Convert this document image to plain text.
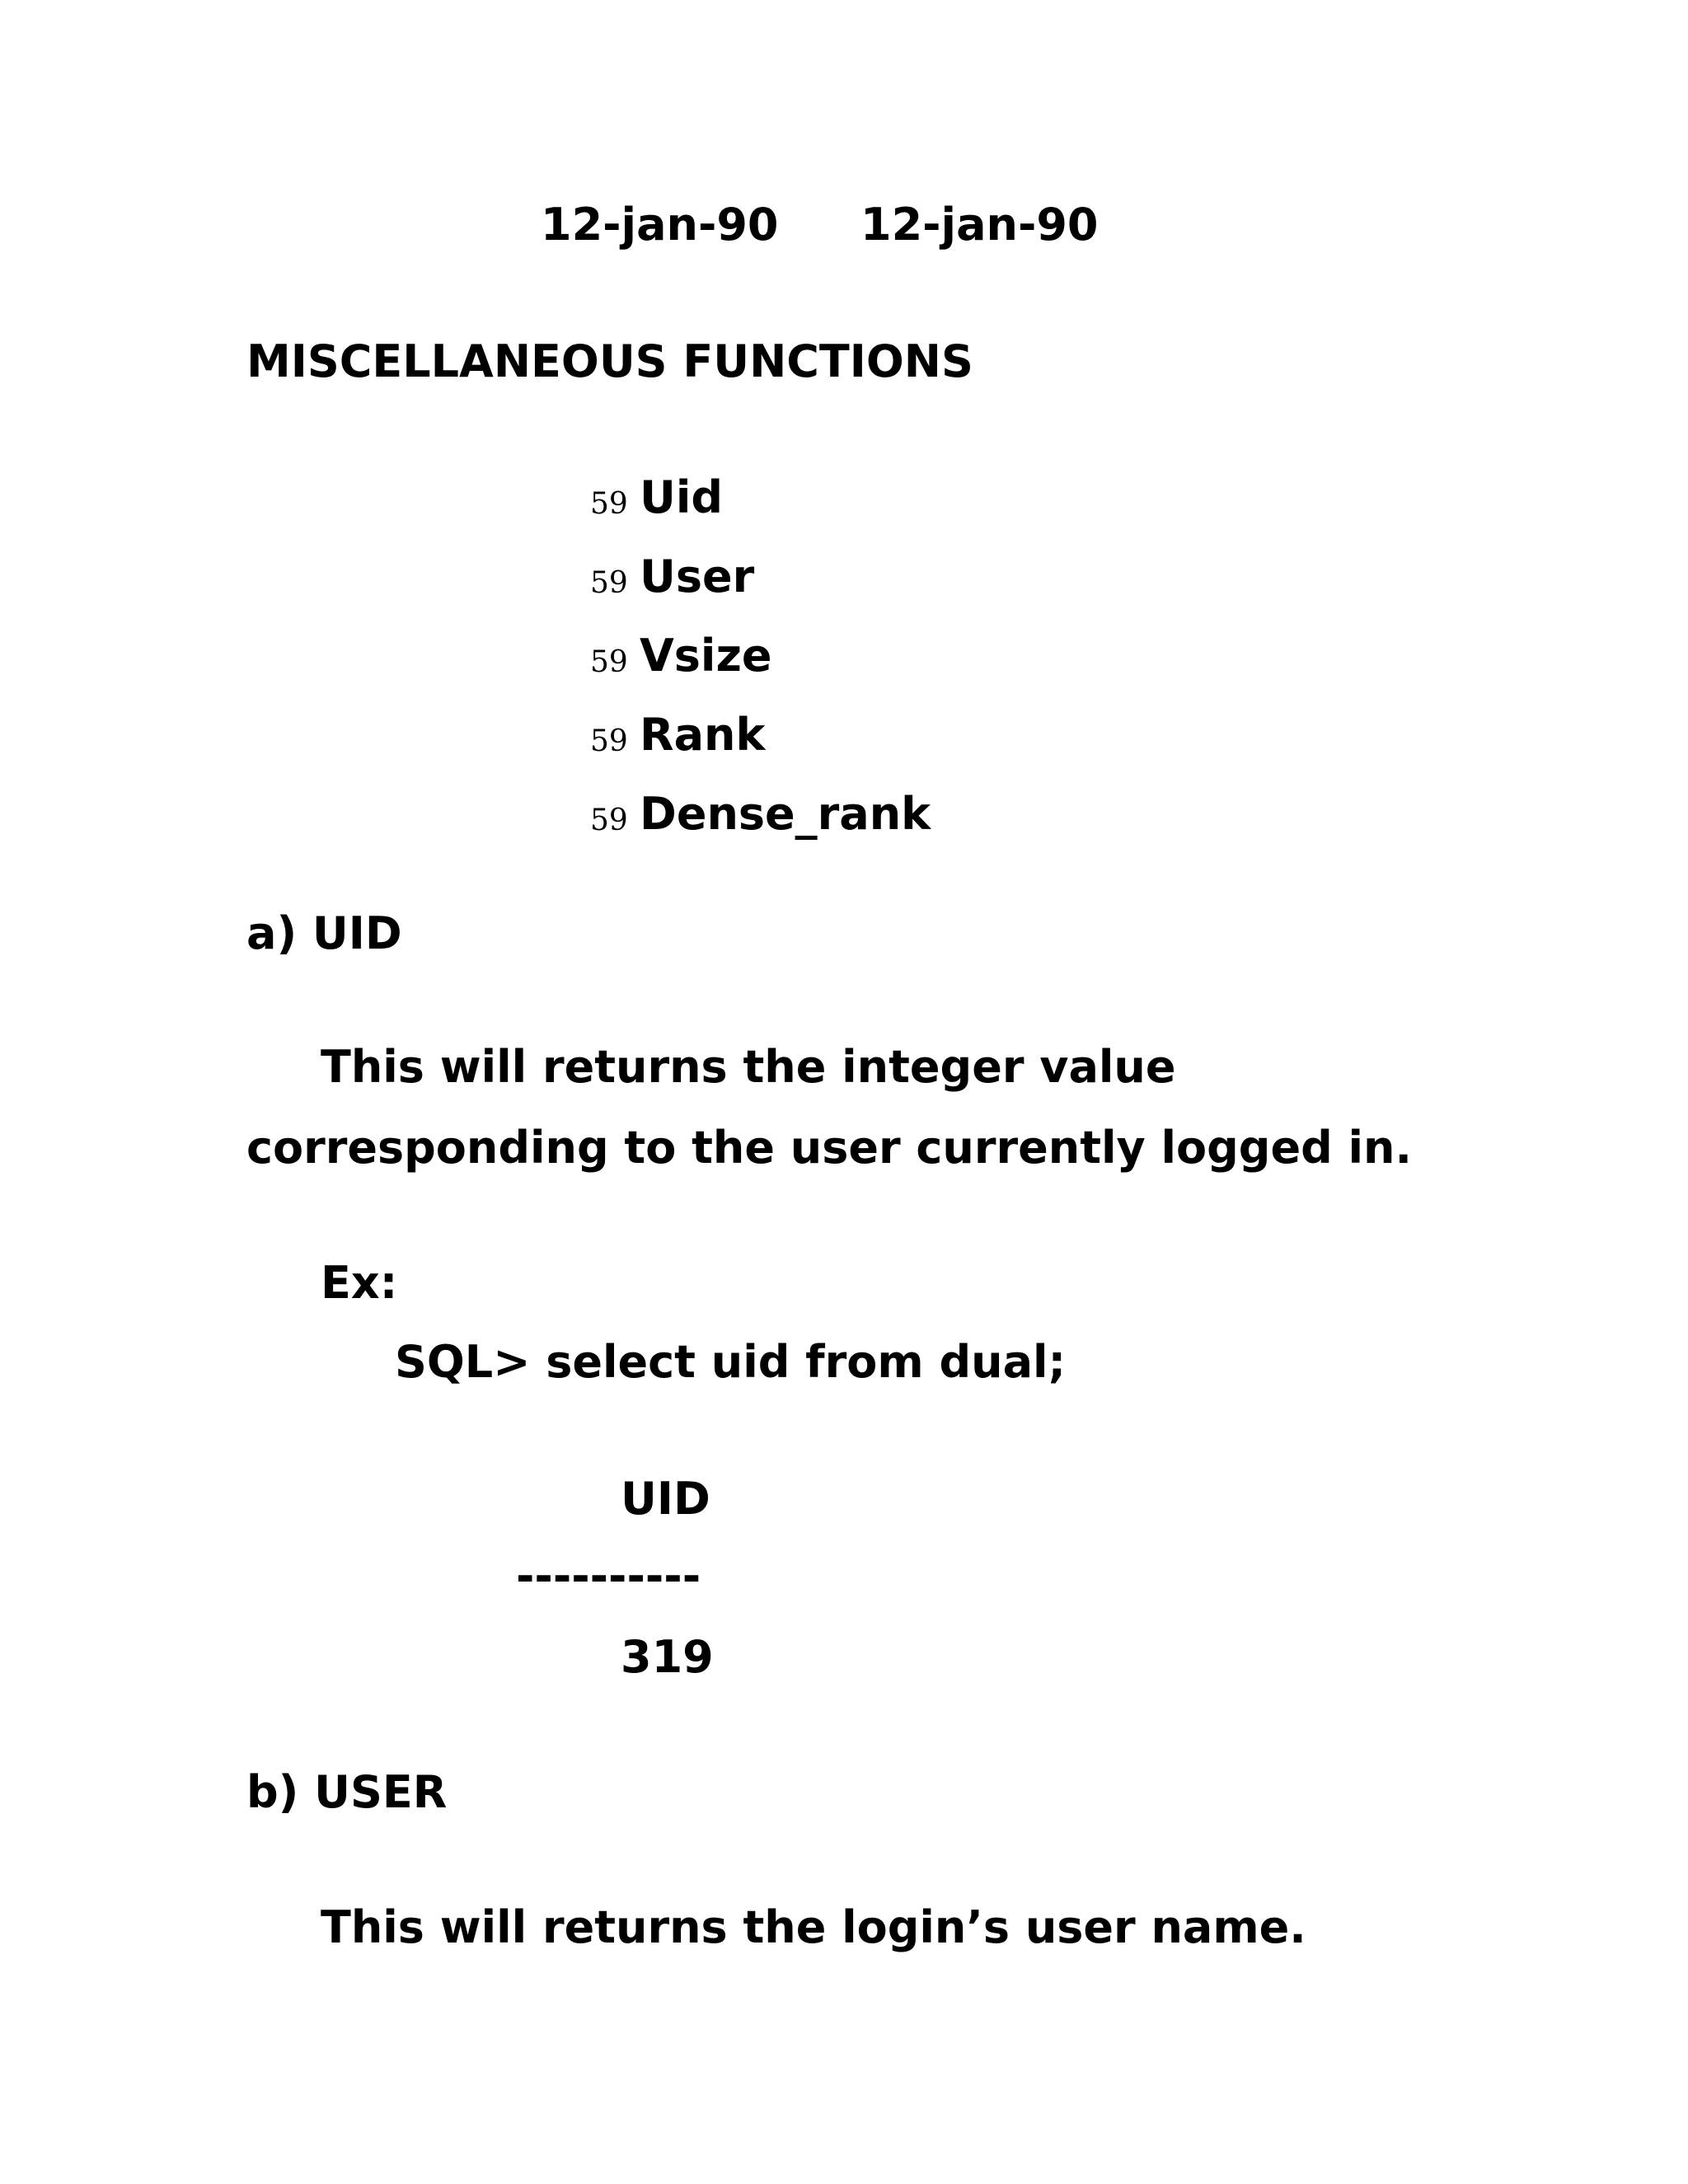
12-jan-90 12-jan-90
MISCELLANEOUS FUNCTIONS
59 Uid
59 User
59 Vsize
59 Rank
59 Dense_rank
a) UID
This will returns the integer value
corresponding to the user currently logged in.
Ex:
SQL> select uid from dual;
UID
----------
319
b) USER
This will returns the login’s user name.
